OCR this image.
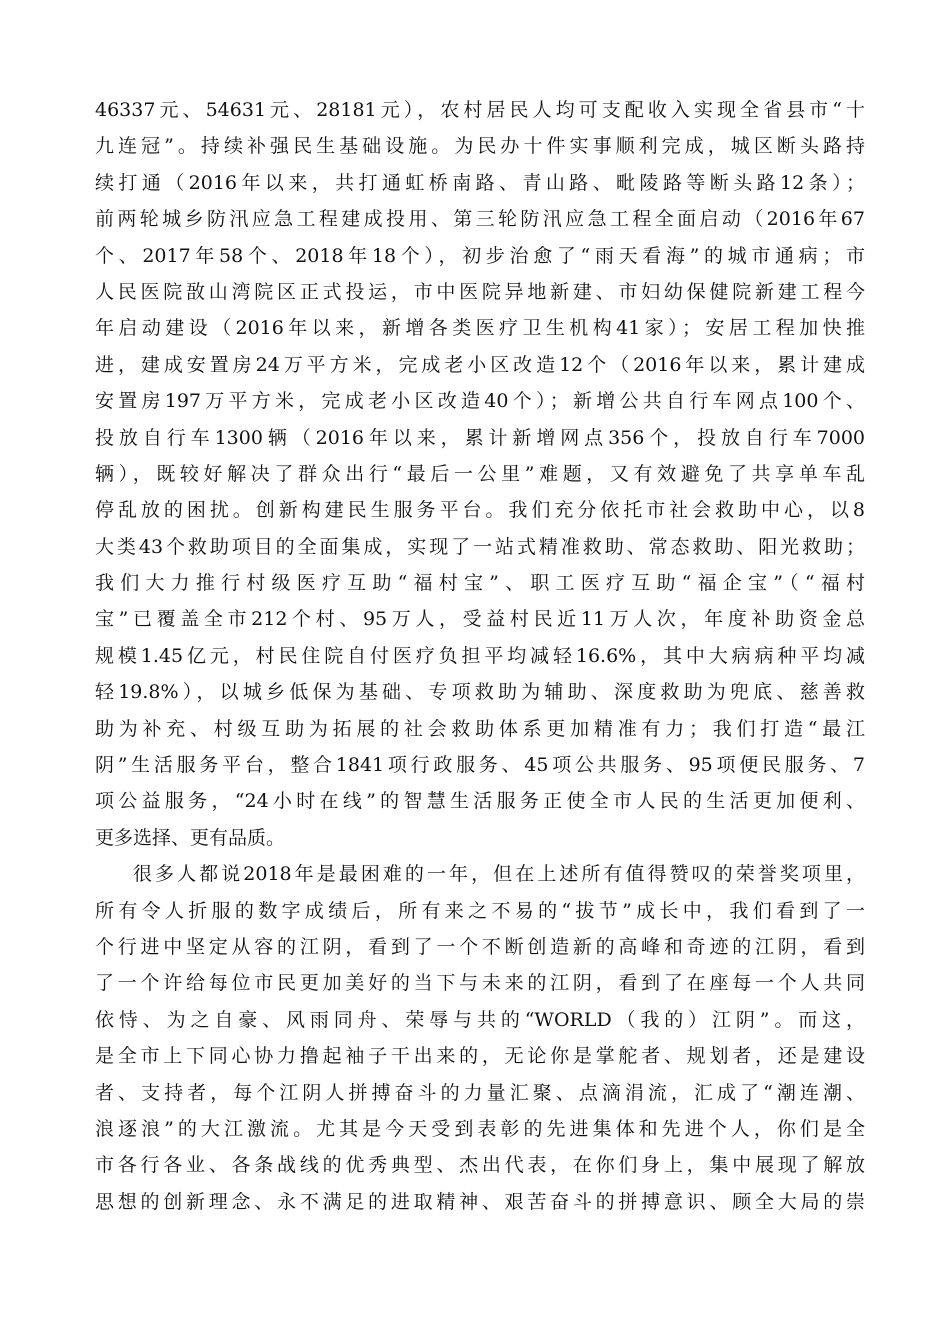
46337元、54631元、28181元），农村居民人均可支配收入实现全省县市“十
九连冠”。持续补强民生基础设施。为民办十件实事顺利完成，城区断头路持
续打通（2016年以来，共打通虹桥南路、青山路、毗陵路等断头路12条）；
前两轮城乡防汛应急工程建成投用、第三轮防汛应急工程全面启动（2016年67
个、2017年58个、2018年18个），初步治愈了“雨天看海”的城市通病；市
人民医院敔山湾院区正式投运，市中医院异地新建、市妇幼保健院新建工程今
年启动建设（2016年以来，新增各类医疗卫生机构41家）；安居工程加快推
进，建成安置房24万平方米，完成老小区改造12个（2016年以来，累计建成
安置房197万平方米，完成老小区改造40个）；新增公共自行车网点100个、
投放自行车1300辆（2016年以来，累计新增网点356个，投放自行车7000
辆），既较好解决了群众出行“最后一公里”难题，又有效避免了共享单车乱
停乱放的困扰。创新构建民生服务平台。我们充分依托市社会救助中心，以8
大类43个救助项目的全面集成，实现了一站式精准救助、常态救助、阳光救助；
我们大力推行村级医疗互助“福村宝”、职工医疗互助“福企宝”（“福村
宝”已覆盖全市212个村、95万人，受益村民近11万人次，年度补助资金总
规模1.45亿元，村民住院自付医疗负担平均减轻16.6%，其中大病病种平均减
轻19.8%），以城乡低保为基础、专项救助为辅助、深度救助为兜底、慈善救
助为补充、村级互助为拓展的社会救助体系更加精准有力；我们打造“最江
阴”生活服务平台，整合1841项行政服务、45项公共服务、95项便民服务、7
项公益服务，“24小时在线”的智慧生活服务正使全市人民的生活更加便利、
更多选择、更有品质。
很多人都说2018年是最困难的一年，但在上述所有值得赞叹的荣誉奖项里，
所有令人折服的数字成绩后，所有来之不易的“拔节”成长中，我们看到了一
个行进中坚定从容的江阴，看到了一个不断创造新的高峰和奇迹的江阴，看到
了一个许给每位市民更加美好的当下与未来的江阴，看到了在座每一个人共同
依恃、为之自豪、风雨同舟、荣辱与共的“WORLD（我的）江阴”。而这，
是全市上下同心协力撸起袖子干出来的，无论你是掌舵者、规划者，还是建设
者、支持者，每个江阴人拼搏奋斗的力量汇聚、点滴涓流，汇成了“潮连潮、
浪逐浪”的大江激流。尤其是今天受到表彰的先进集体和先进个人，你们是全
市各行各业、各条战线的优秀典型、杰出代表，在你们身上，集中展现了解放
思想的创新理念、永不满足的进取精神、艰苦奋斗的拼搏意识、顾全大局的崇
